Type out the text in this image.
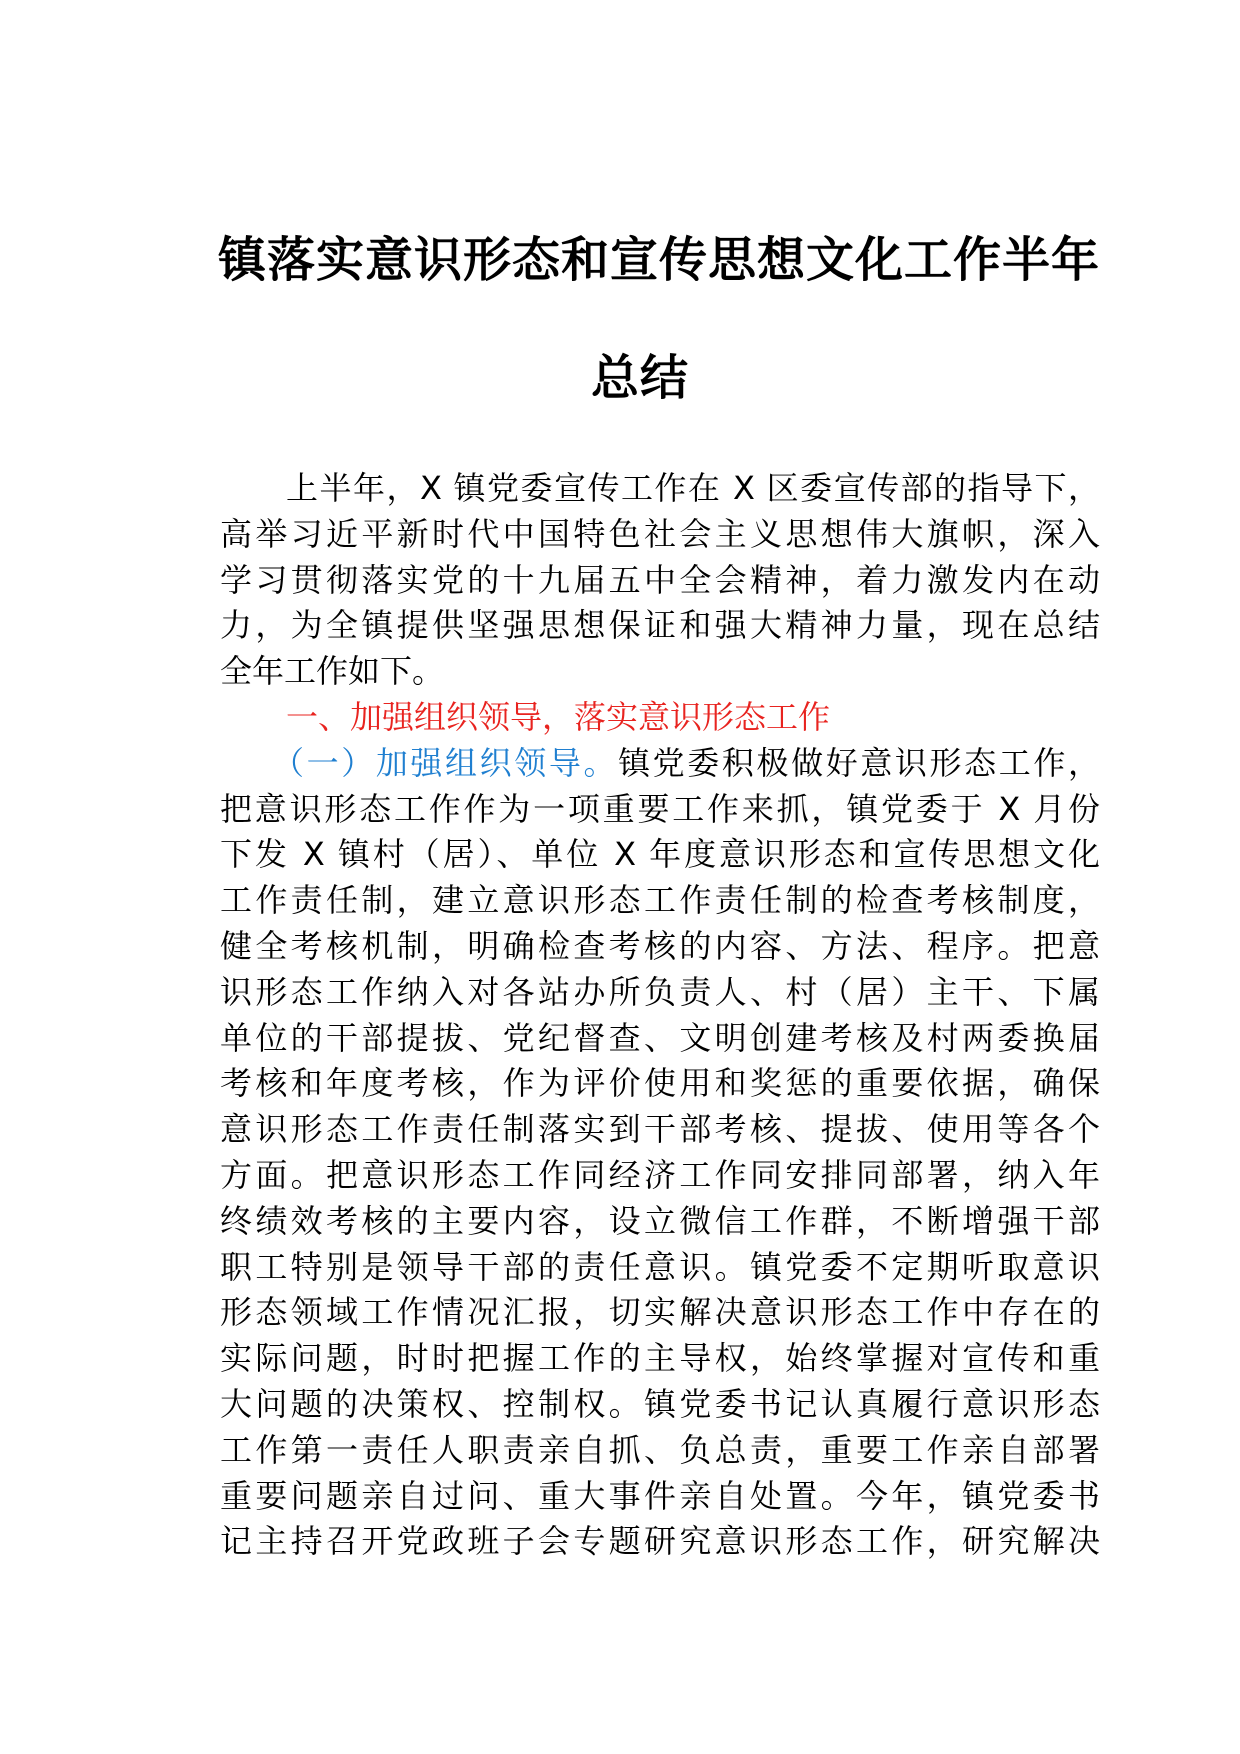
镇落实意识形态和宣传思想文化工作半年
总结
上半年，X 镇党委宣传工作在 X 区委宣传部的指导下，
高举习近平新时代中国特色社会主义思想伟大旗帜，深入
学习贯彻落实党的十九届五中全会精神，着力激发内在动
力，为全镇提供坚强思想保证和强大精神力量，现在总结
全年工作如下。
一、加强组织领导，落实意识形态工作
（一）加强组织领导。镇党委积极做好意识形态工作，
把意识形态工作作为一项重要工作来抓，镇党委于 X 月份
下发 X 镇村（居）、单位 X 年度意识形态和宣传思想文化
工作责任制，建立意识形态工作责任制的检查考核制度，
健全考核机制，明确检查考核的内容、方法、程序。把意
识形态工作纳入对各站办所负责人、村（居）主干、下属
单位的干部提拔、党纪督查、文明创建考核及村两委换届
考核和年度考核，作为评价使用和奖惩的重要依据，确保
意识形态工作责任制落实到干部考核、提拔、使用等各个
方面。把意识形态工作同经济工作同安排同部署，纳入年
终绩效考核的主要内容，设立微信工作群，不断增强干部
职工特别是领导干部的责任意识。镇党委不定期听取意识
形态领域工作情况汇报，切实解决意识形态工作中存在的
实际问题，时时把握工作的主导权，始终掌握对宣传和重
大问题的决策权、控制权。镇党委书记认真履行意识形态
工作第一责任人职责亲自抓、负总责，重要工作亲自部署
重要问题亲自过问、重大事件亲自处置。今年，镇党委书
记主持召开党政班子会专题研究意识形态工作，研究解决
